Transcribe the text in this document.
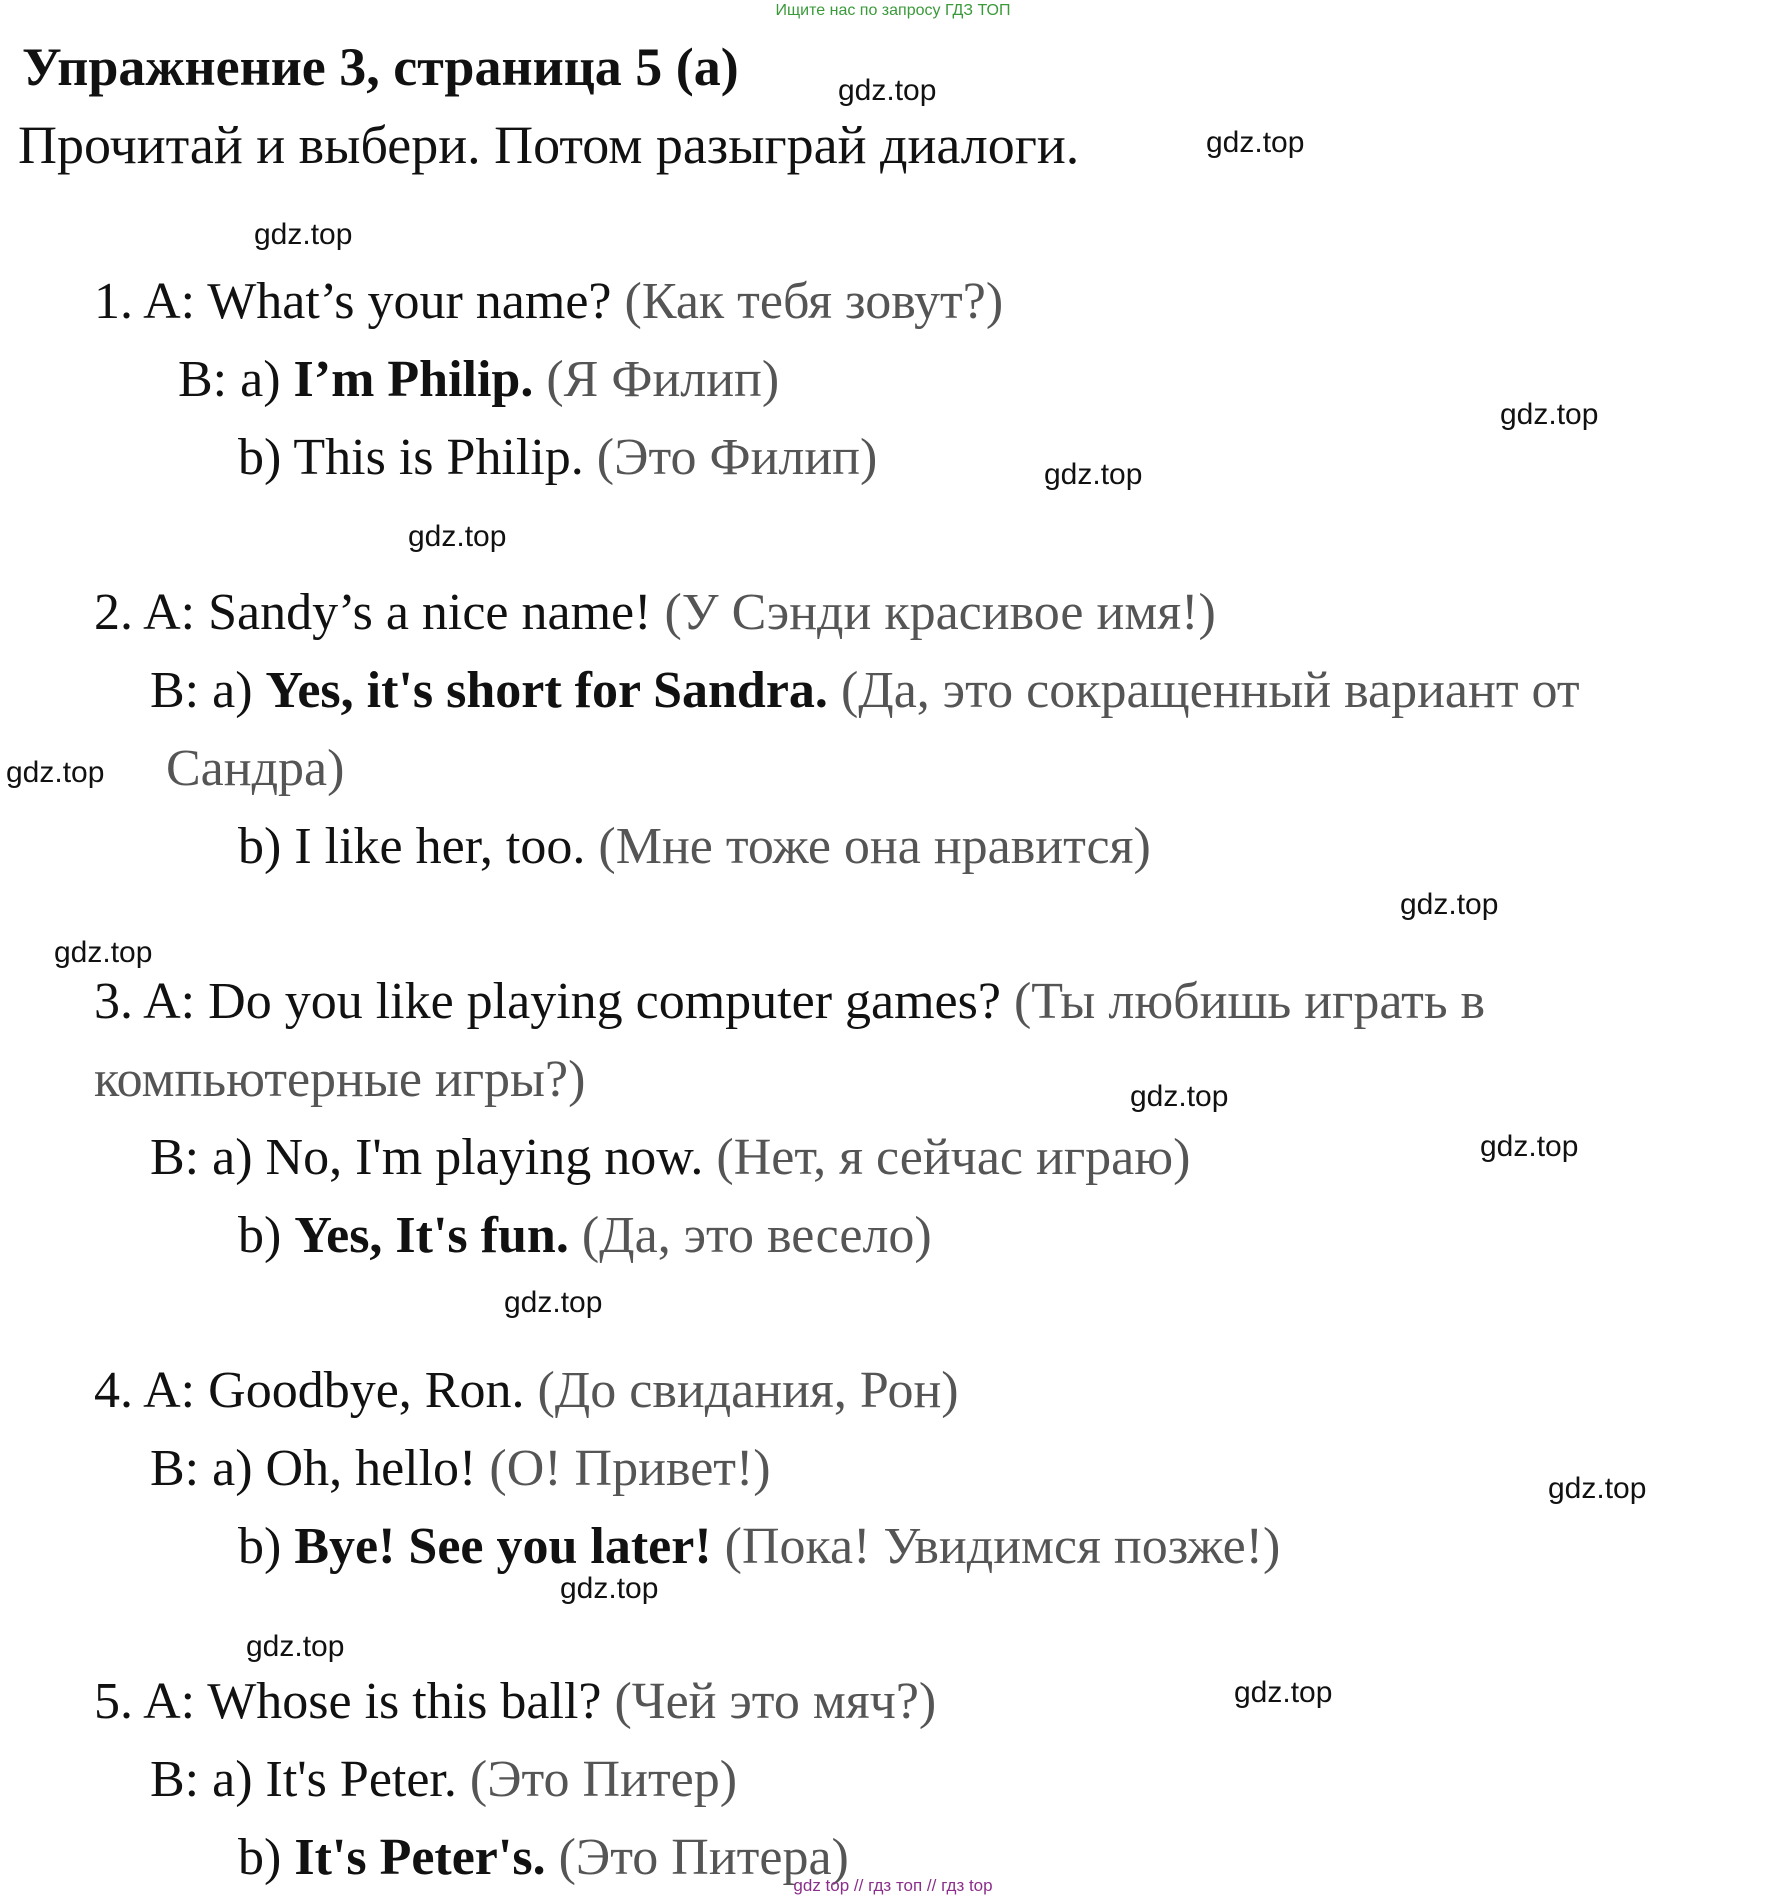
Ищите нас по запросу ГДЗ ТОП
Упражнение 3, страница 5 (а)
Прочитай и выбери. Потом разыграй диалоги.
1. A: What’s your name? (Как тебя зовут?)
B: a) I’m Philip. (Я Филип)
b) This is Philip. (Это Филип)
2. A: Sandy’s a nice name! (У Сэнди красивое имя!)
B: a) Yes, it's short for Sandra. (Да, это сокращенный вариант от
Сандра)
b) I like her, too. (Мне тоже она нравится)
3. A: Do you like playing computer games? (Ты любишь играть в
компьютерные игры?)
B: a) No, I'm playing now. (Нет, я сейчас играю)
b) Yes, It's fun. (Да, это весело)
4. A: Goodbye, Ron. (До свидания, Рон)
B: a) Oh, hello! (О! Привет!)
b) Bye! See you later! (Пока! Увидимся позже!)
5. A: Whose is this ball? (Чей это мяч?)
B: a) It's Peter. (Это Питер)
b) It's Peter's. (Это Питера)
gdz.top
gdz.top
gdz.top
gdz.top
gdz.top
gdz.top
gdz.top
gdz.top
gdz.top
gdz.top
gdz.top
gdz.top
gdz.top
gdz.top
gdz.top
gdz.top
gdz top // гдз топ // гдз top
